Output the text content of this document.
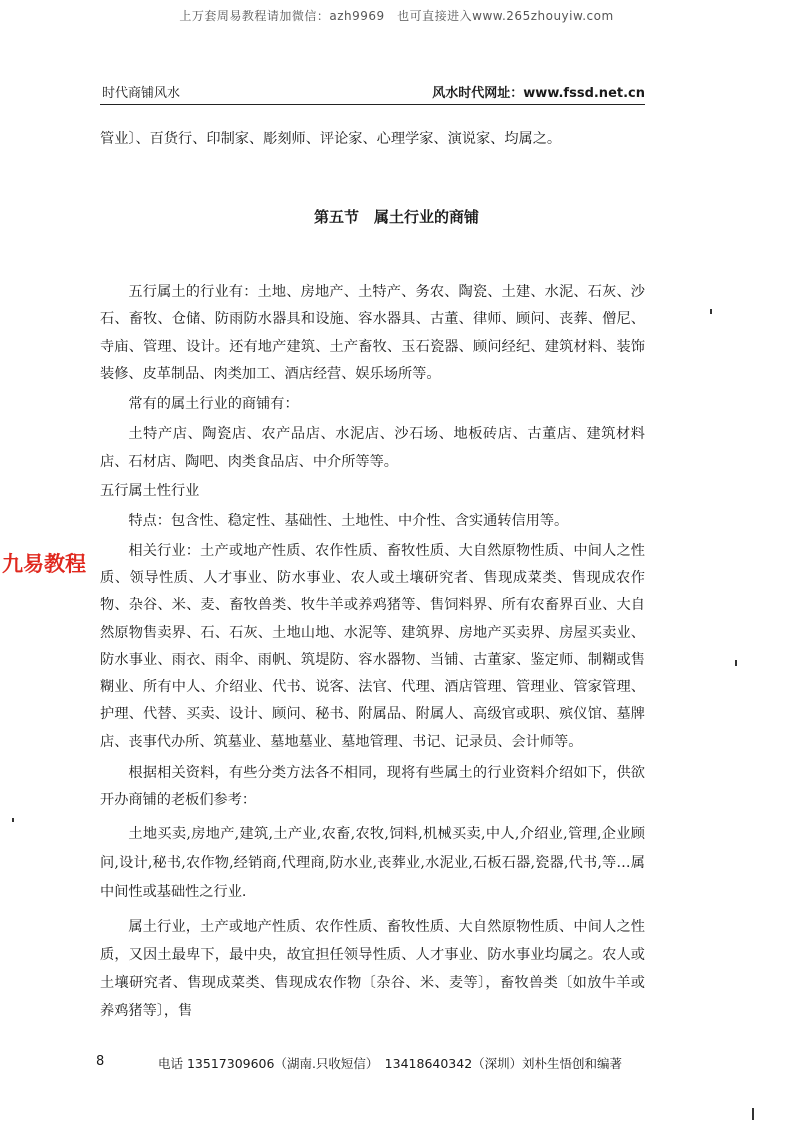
上万套周易教程请加微信：azh9969　也可直接进入www.265zhouyiw.com
时代商铺风水	风水时代网址：www.fssd.net.cn

管业〕、百货行、印制家、彫刻师、评论家、心理学家、演说家、均属之。

第五节　属土行业的商铺

五行属土的行业有：土地、房地产、土特产、务农、陶瓷、土建、水泥、石灰、沙石、畜牧、仓储、防雨防水器具和设施、容水器具、古董、律师、顾问、丧葬、僧尼、寺庙、管理、设计。还有地产建筑、土产畜牧、玉石瓷器、顾问经纪、建筑材料、装饰装修、皮革制品、肉类加工、酒店经营、娱乐场所等。

常有的属土行业的商铺有：

土特产店、陶瓷店、农产品店、水泥店、沙石场、地板砖店、古董店、建筑材料店、石材店、陶吧、肉类食品店、中介所等等。

五行属土性行业

特点：包含性、稳定性、基础性、土地性、中介性、含实通转信用等。

相关行业：土产或地产性质、农作性质、畜牧性质、大自然原物性质、中间人之性质、领导性质、人才事业、防水事业、农人或土壤研究者、售现成菜类、售现成农作物、杂谷、米、麦、畜牧兽类、牧牛羊或养鸡猪等、售饲料界、所有农畜界百业、大自然原物售卖界、石、石灰、土地山地、水泥等、建筑界、房地产买卖界、房屋买卖业、防水事业、雨衣、雨伞、雨帆、筑堤防、容水器物、当铺、古董家、鉴定师、制糊或售糊业、所有中人、介绍业、代书、说客、法官、代理、酒店管理、管理业、管家管理、护理、代替、买卖、设计、顾问、秘书、附属品、附属人、高级官或职、殡仪馆、墓牌店、丧事代办所、筑墓业、墓地墓业、墓地管理、书记、记录员、会计师等。

根据相关资料，有些分类方法各不相同，现将有些属土的行业资料介绍如下，供欲开办商铺的老板们参考：

土地买卖,房地产,建筑,土产业,农畜,农牧,饲料,机械买卖,中人,介绍业,管理,企业顾问,设计,秘书,农作物,经销商,代理商,防水业,丧葬业,水泥业,石板石器,瓷器,代书,等…属中间性或基础性之行业.

属土行业，土产或地产性质、农作性质、畜牧性质、大自然原物性质、中间人之性质，又因土最卑下，最中央，故宜担任领导性质、人才事业、防水事业均属之。农人或土壤研究者、售现成菜类、售现成农作物〔杂谷、米、麦等〕，畜牧兽类〔如放牛羊或养鸡猪等〕，售

九易教程
8	电话 13517309606（湖南.只收短信）　13418640342（深圳） 刘朴生悟创和编著
